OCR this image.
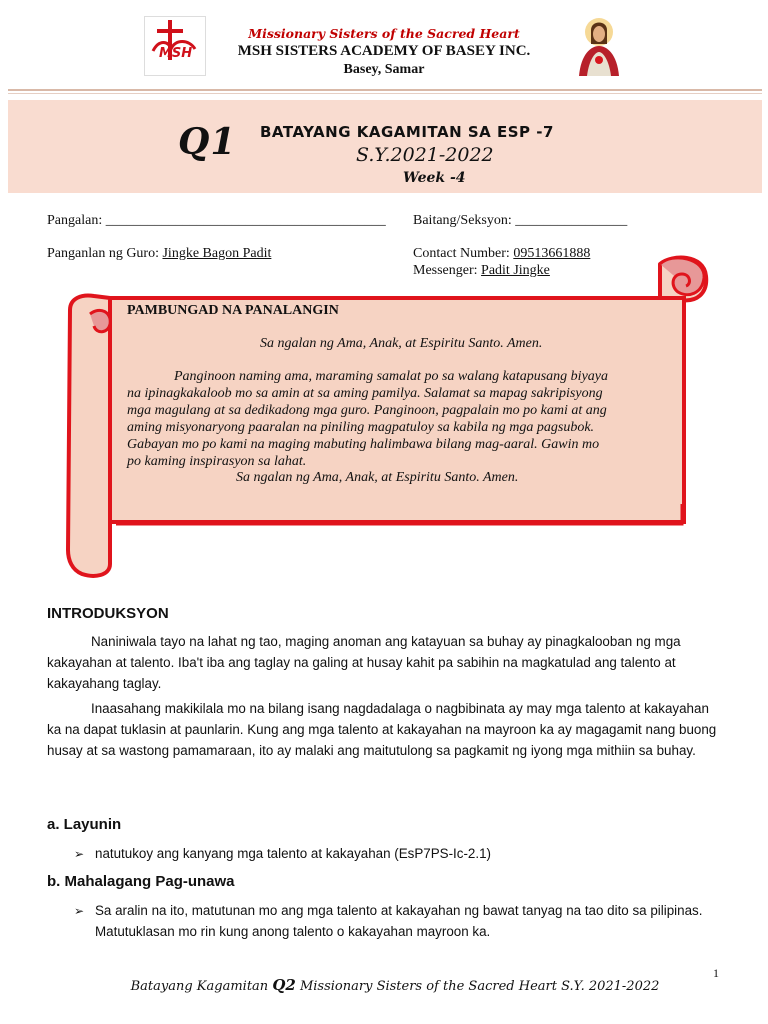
MSH
Missionary Sisters of the Sacred Heart
MSH SISTERS ACADEMY OF BASEY INC.
Basey, Samar
Q1 BATAYANG KAGAMITAN SA ESP -7
S.Y.2021-2022
Week -4
Pangalan: ________________________________________ Baitang/Seksyon: ________________
Panganlan ng Guro: Jingke Bagon Padit	Contact Number: 09513661888
Messenger: Padit Jingke
PAMBUNGAD NA PANALANGIN
Sa ngalan ng Ama, Anak, at Espiritu Santo. Amen.
Panginoon naming ama, maraming samalat po sa walang katapusang biyaya
na ipinagkakaloob mo sa amin at sa aming pamilya. Salamat sa mapag sakripisyong
mga magulang at sa dedikadong mga guro. Panginoon, pagpalain mo po kami at ang
aming misyonaryong paaralan na piniling magpatuloy sa kabila ng mga pagsubok.
Gabayan mo po kami na maging mabuting halimbawa bilang mag-aaral. Gawin mo
po kaming inspirasyon sa lahat.
Sa ngalan ng Ama, Anak, at Espiritu Santo. Amen.
INTRODUKSYON
Naniniwala tayo na lahat ng tao, maging anoman ang katayuan sa buhay ay pinagkalooban ng mga kakayahan at talento. Iba't iba ang taglay na galing at husay kahit pa sabihin na magkatulad ang talento at kakayahang taglay.
Inaasahang makikilala mo na bilang isang nagdadalaga o nagbibinata ay may mga talento at kakayahan ka na dapat tuklasin at paunlarin. Kung ang mga talento at kakayahan na mayroon ka ay magagamit nang buong husay at sa wastong pamamaraan, ito ay malaki ang maitutulong sa pagkamit ng iyong mga mithiin sa buhay.
a. Layunin
➢ natutukoy ang kanyang mga talento at kakayahan (EsP7PS-Ic-2.1)
b. Mahalagang Pag-unawa
➢ Sa aralin na ito, matutunan mo ang mga talento at kakayahan ng bawat tanyag na tao dito sa pilipinas. Matutuklasan mo rin kung anong talento o kakayahan mayroon ka.
1
Batayang Kagamitan Q2 Missionary Sisters of the Sacred Heart S.Y. 2021-2022
